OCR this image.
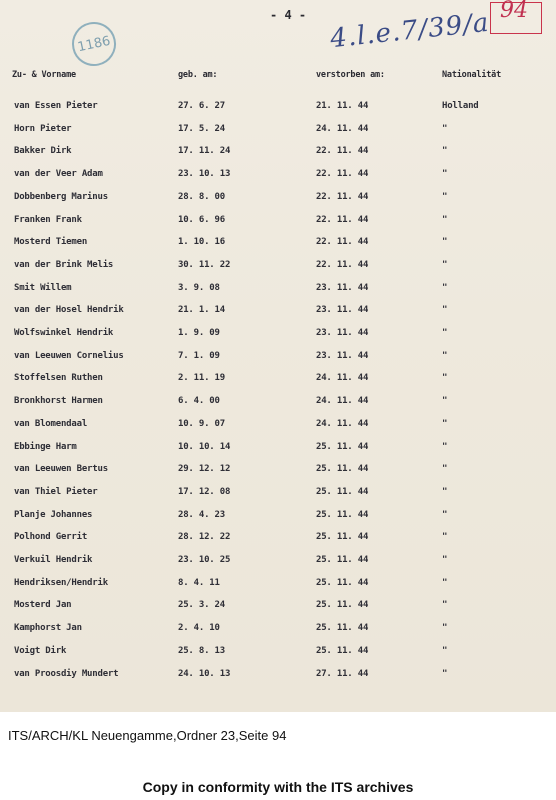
- 4 -
1186	4.l.e.7/39/a 94
Zu- & Vorname	geb. am:	verstorben am:	Nationalität
van Essen Pieter	27. 6. 27	21. 11. 44	Holland
Horn Pieter	17. 5. 24	24. 11. 44	"
Bakker Dirk	17. 11. 24	22. 11. 44	"
van der Veer Adam	23. 10. 13	22. 11. 44	"
Dobbenberg Marinus	28. 8. 00	22. 11. 44	"
Franken Frank	10. 6. 96	22. 11. 44	"
Mosterd Tiemen	1. 10. 16	22. 11. 44	"
van der Brink Melis	30. 11. 22	22. 11. 44	"
Smit Willem	3. 9. 08	23. 11. 44	"
van der Hosel Hendrik	21. 1. 14	23. 11. 44	"
Wolfswinkel Hendrik	1. 9. 09	23. 11. 44	"
van Leeuwen Cornelius	7. 1. 09	23. 11. 44	"
Stoffelsen Ruthen	2. 11. 19	24. 11. 44	"
Bronkhorst Harmen	6. 4. 00	24. 11. 44	"
van Blomendaal	10. 9. 07	24. 11. 44	"
Ebbinge Harm	10. 10. 14	25. 11. 44	"
van Leeuwen Bertus	29. 12. 12	25. 11. 44	"
van Thiel Pieter	17. 12. 08	25. 11. 44	"
Planje Johannes	28. 4. 23	25. 11. 44	"
Polhond Gerrit	28. 12. 22	25. 11. 44	"
Verkuil Hendrik	23. 10. 25	25. 11. 44	"
Hendriksen/Hendrik	8. 4. 11	25. 11. 44	"
Mosterd Jan	25. 3. 24	25. 11. 44	"
Kamphorst Jan	2. 4. 10	25. 11. 44	"
Voigt Dirk	25. 8. 13	25. 11. 44	"
van Proosdiy Mundert	24. 10. 13	27. 11. 44	"
ITS/ARCH/KL Neuengamme,Ordner 23,Seite 94
Copy in conformity with the ITS archives
